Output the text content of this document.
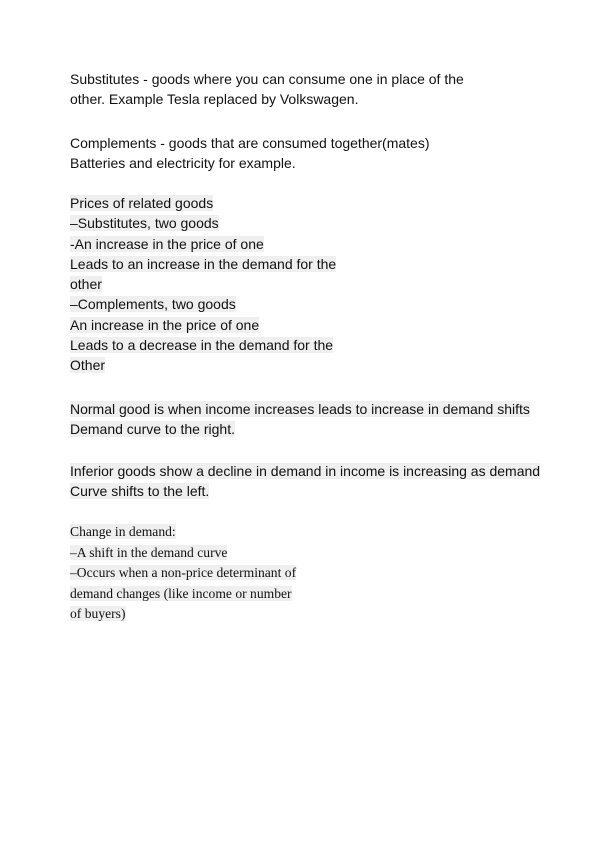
Substitutes - goods where you can consume one in place of the
other. Example Tesla replaced by Volkswagen.
Complements - goods that are consumed together(mates)
Batteries and electricity for example.
Prices of related goods
–Substitutes, two goods
-An increase in the price of one
Leads to an increase in the demand for the
other
–Complements, two goods
An increase in the price of one
Leads to a decrease in the demand for the
Other
Normal good is when income increases leads to increase in demand shifts
Demand curve to the right.
Inferior goods show a decline in demand in income is increasing as demand
Curve shifts to the left.
Change in demand:
–A shift in the demand curve
–Occurs when a non-price determinant of
demand changes (like income or number
of buyers)
